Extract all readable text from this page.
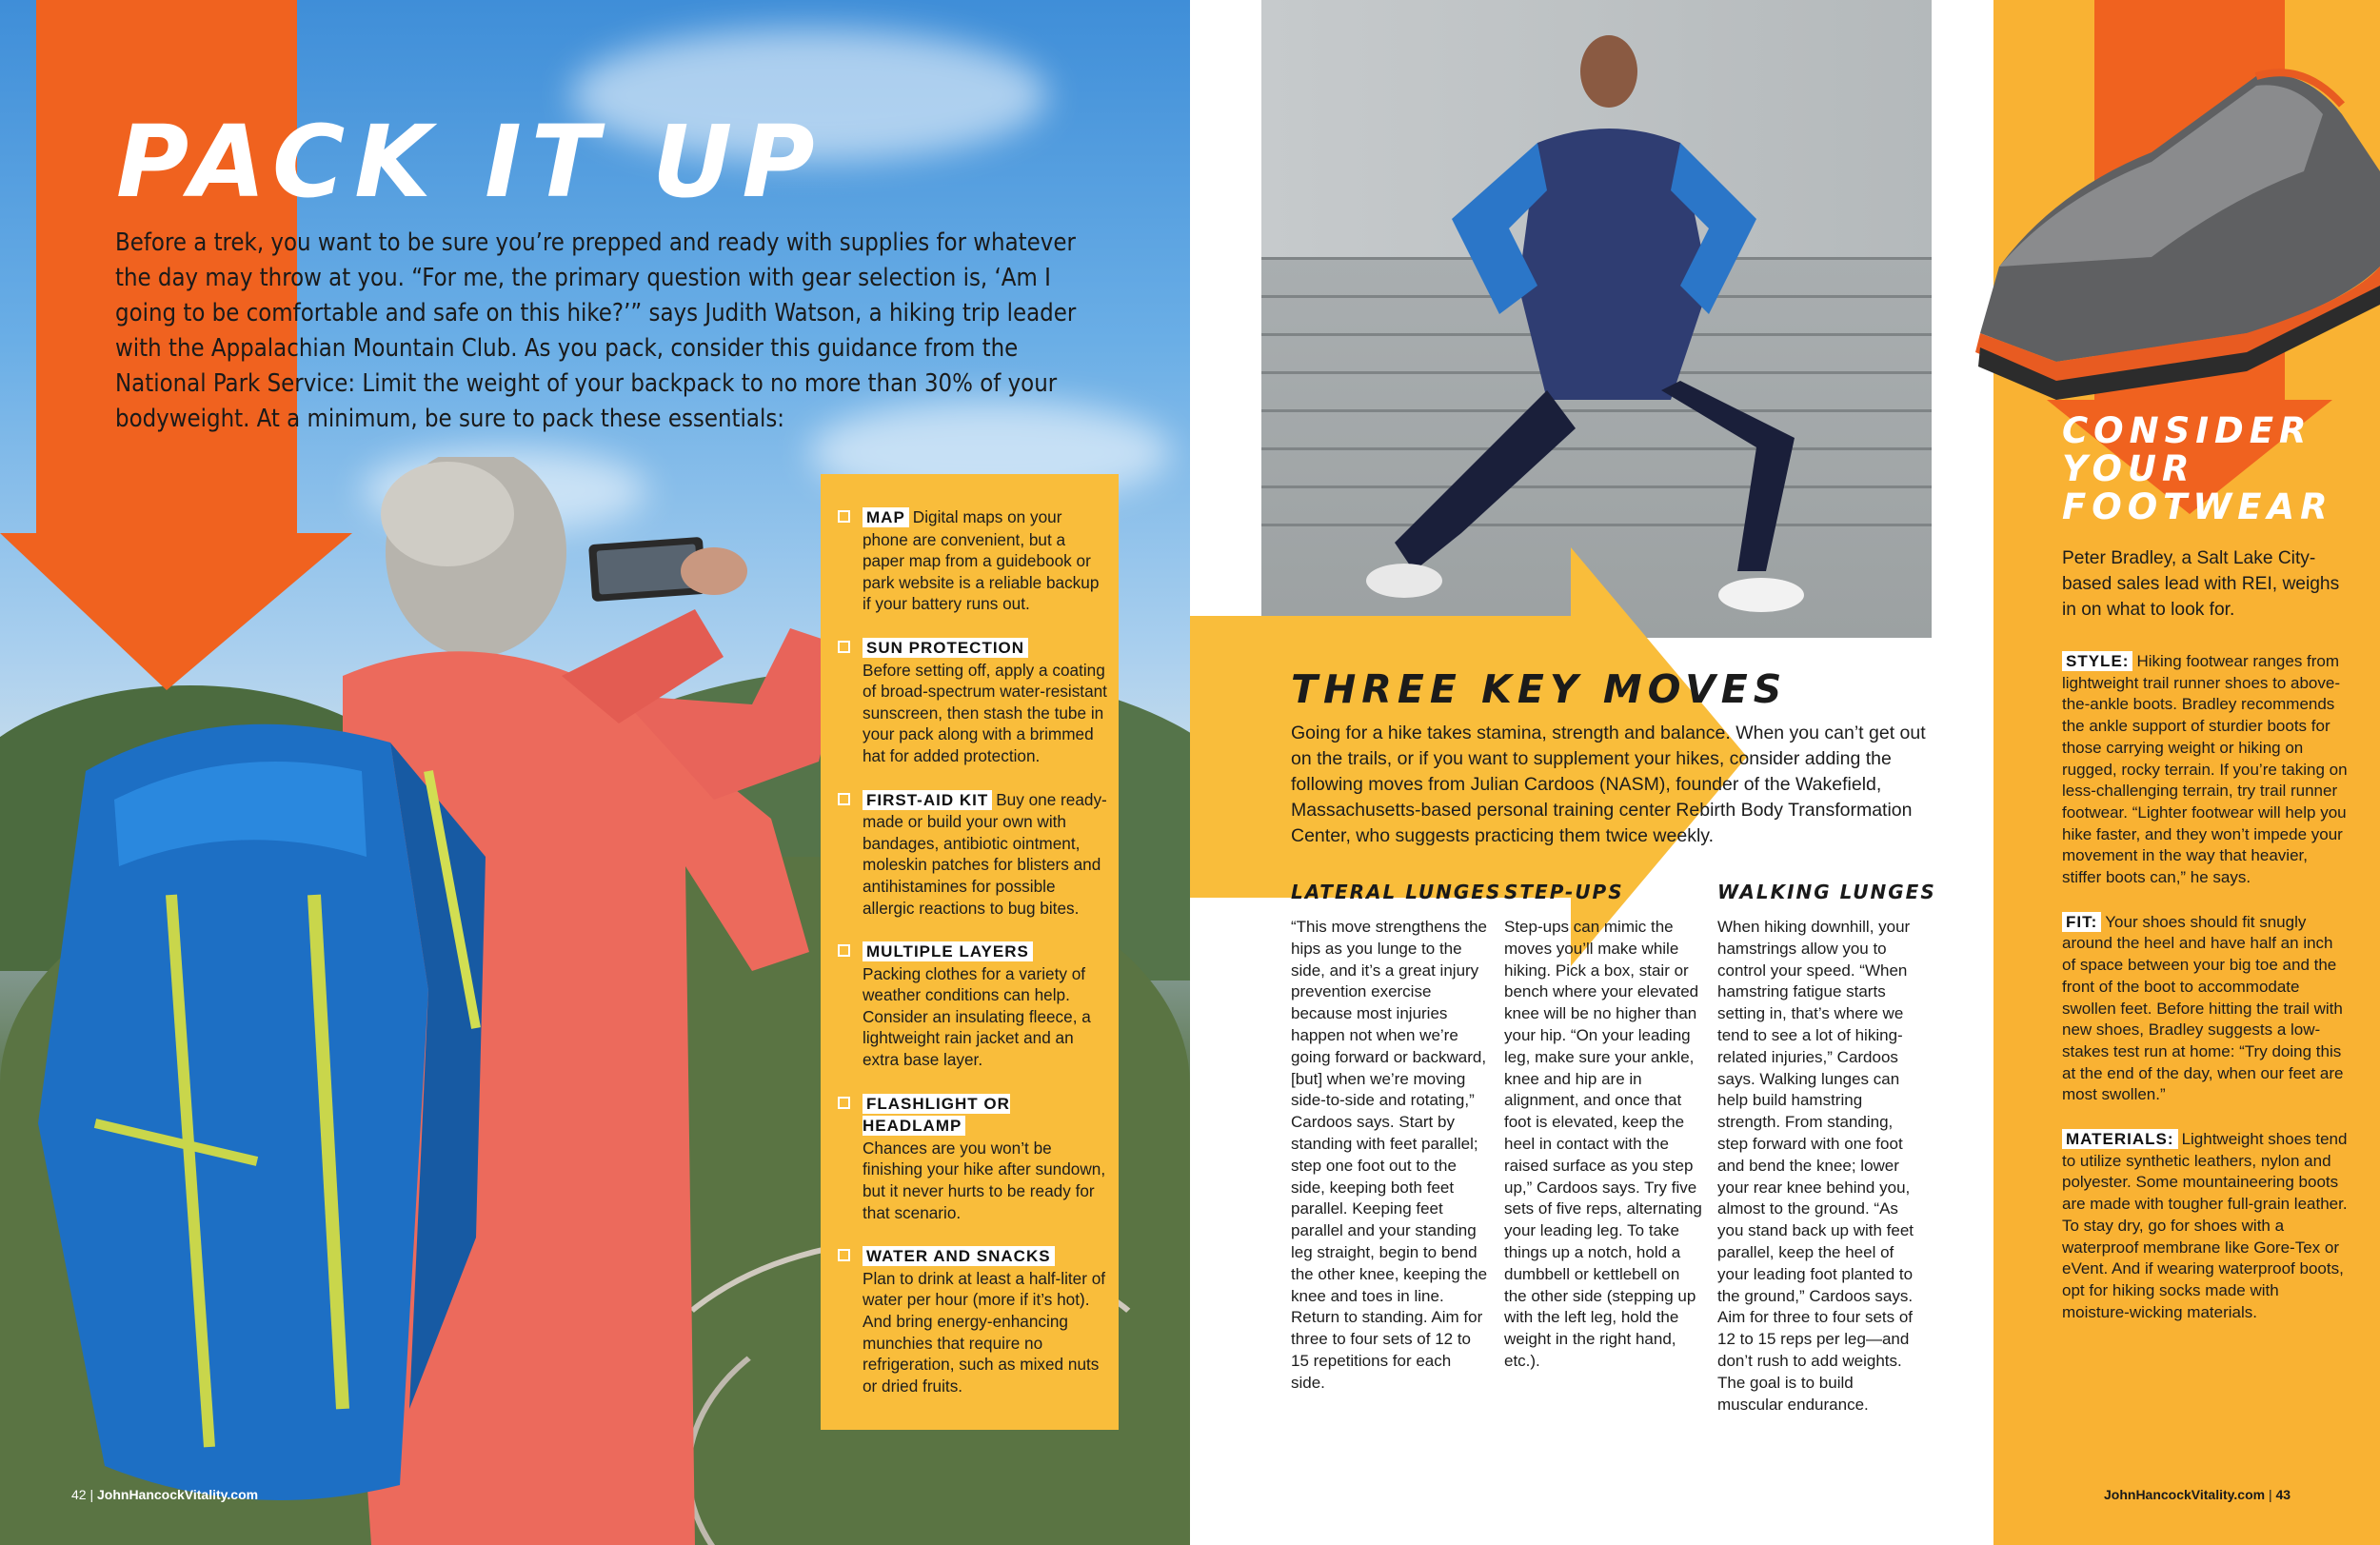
PACK IT UP
Before a trek, you want to be sure you’re prepped and ready with supplies for whatever the day may throw at you. “For me, the primary question with gear selection is, ‘Am I going to be comfortable and safe on this hike?’” says Judith Watson, a hiking trip leader with the Appalachian Mountain Club. As you pack, consider this guidance from the National Park Service: Limit the weight of your backpack to no more than 30% of your bodyweight. At a minimum, be sure to pack these essentials:
MAP Digital maps on your phone are convenient, but a paper map from a guidebook or park website is a reliable backup if your battery runs out.
SUN PROTECTION
Before setting off, apply a coating of broad-spectrum water-resistant sunscreen, then stash the tube in your pack along with a brimmed hat for added protection.
FIRST-AID KIT Buy one ready-made or build your own with bandages, antibiotic ointment, moleskin patches for blisters and antihistamines for possible allergic reactions to bug bites.
MULTIPLE LAYERS
Packing clothes for a variety of weather conditions can help. Consider an insulating fleece, a lightweight rain jacket and an extra base layer.
FLASHLIGHT OR HEADLAMP
Chances are you won’t be finishing your hike after sundown, but it never hurts to be ready for that scenario.
WATER AND SNACKS
Plan to drink at least a half-liter of water per hour (more if it’s hot). And bring energy-enhancing munchies that require no refrigeration, such as mixed nuts or dried fruits.
42 | JohnHancockVitality.com
THREE KEY MOVES
Going for a hike takes stamina, strength and balance. When you can’t get out on the trails, or if you want to supplement your hikes, consider adding the following moves from Julian Cardoos (NASM), founder of the Wakefield, Massachusetts-based personal training center Rebirth Body Transformation Center, who suggests practicing them twice weekly.
LATERAL LUNGES
“This move strengthens the hips as you lunge to the side, and it’s a great injury prevention exercise because most injuries happen not when we’re going forward or backward, [but] when we’re moving side-to-side and rotating,” Cardoos says. Start by standing with feet parallel; step one foot out to the side, keeping both feet parallel. Keeping feet parallel and your standing leg straight, begin to bend the other knee, keeping the knee and toes in line. Return to standing. Aim for three to four sets of 12 to 15 repetitions for each side.
STEP-UPS
Step-ups can mimic the moves you’ll make while hiking. Pick a box, stair or bench where your elevated knee will be no higher than your hip. “On your leading leg, make sure your ankle, knee and hip are in alignment, and once that foot is elevated, keep the heel in contact with the raised surface as you step up,” Cardoos says. Try five sets of five reps, alternating your leading leg. To take things up a notch, hold a dumbbell or kettlebell on the other side (stepping up with the left leg, hold the weight in the right hand, etc.).
WALKING LUNGES
When hiking downhill, your hamstrings allow you to control your speed. “When hamstring fatigue starts setting in, that’s where we tend to see a lot of hiking-related injuries,” Cardoos says. Walking lunges can help build hamstring strength. From standing, step forward with one foot and bend the knee; lower your rear knee behind you, almost to the ground. “As you stand back up with feet parallel, keep the heel of your leading foot planted to the ground,” Cardoos says. Aim for three to four sets of 12 to 15 reps per leg—and don’t rush to add weights. The goal is to build muscular endurance.
CONSIDER
YOUR
FOOTWEAR
Peter Bradley, a Salt Lake City-based sales lead with REI, weighs in on what to look for.
STYLE: Hiking footwear ranges from lightweight trail runner shoes to above-the-ankle boots. Bradley recommends the ankle support of sturdier boots for those carrying weight or hiking on rugged, rocky terrain. If you’re taking on less-challenging terrain, try trail runner footwear. “Lighter footwear will help you hike faster, and they won’t impede your movement in the way that heavier, stiffer boots can,” he says.
FIT: Your shoes should fit snugly around the heel and have half an inch of space between your big toe and the front of the boot to accommodate swollen feet. Before hitting the trail with new shoes, Bradley suggests a low-stakes test run at home: “Try doing this at the end of the day, when our feet are most swollen.”
MATERIALS: Lightweight shoes tend to utilize synthetic leathers, nylon and polyester. Some mountaineering boots are made with tougher full-grain leather. To stay dry, go for shoes with a waterproof membrane like Gore-Tex or eVent. And if wearing waterproof boots, opt for hiking socks made with moisture-wicking materials.
JohnHancockVitality.com | 43
